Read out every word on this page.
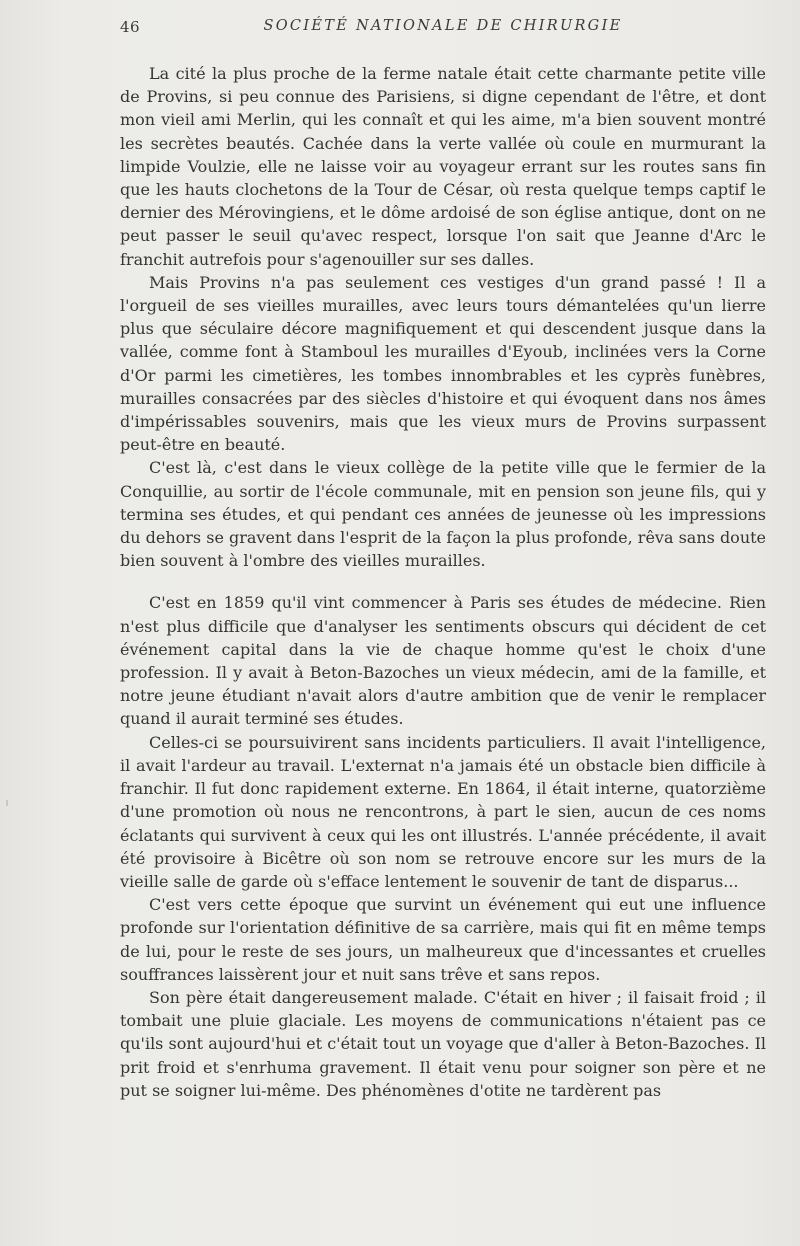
46	SOCIÉTÉ NATIONALE DE CHIRURGIE

La cité la plus proche de la ferme natale était cette charmante petite ville de Provins, si peu connue des Parisiens, si digne cependant de l'être, et dont mon vieil ami Merlin, qui les connaît et qui les aime, m'a bien souvent montré les secrètes beautés. Cachée dans la verte vallée où coule en murmurant la limpide Voulzie, elle ne laisse voir au voyageur errant sur les routes sans fin que les hauts clochetons de la Tour de César, où resta quelque temps captif le dernier des Mérovingiens, et le dôme ardoisé de son église antique, dont on ne peut passer le seuil qu'avec respect, lorsque l'on sait que Jeanne d'Arc le franchit autrefois pour s'agenouiller sur ses dalles.

Mais Provins n'a pas seulement ces vestiges d'un grand passé ! Il a l'orgueil de ses vieilles murailles, avec leurs tours démantelées qu'un lierre plus que séculaire décore magnifiquement et qui descendent jusque dans la vallée, comme font à Stamboul les murailles d'Eyoub, inclinées vers la Corne d'Or parmi les cimetières, les tombes innombrables et les cyprès funèbres, murailles consacrées par des siècles d'histoire et qui évoquent dans nos âmes d'impérissables souvenirs, mais que les vieux murs de Provins surpassent peut-être en beauté.

C'est là, c'est dans le vieux collège de la petite ville que le fermier de la Conquillie, au sortir de l'école communale, mit en pension son jeune fils, qui y termina ses études, et qui pendant ces années de jeunesse où les impressions du dehors se gravent dans l'esprit de la façon la plus profonde, rêva sans doute bien souvent à l'ombre des vieilles murailles.

C'est en 1859 qu'il vint commencer à Paris ses études de médecine. Rien n'est plus difficile que d'analyser les sentiments obscurs qui décident de cet événement capital dans la vie de chaque homme qu'est le choix d'une profession. Il y avait à Beton-Bazoches un vieux médecin, ami de la famille, et notre jeune étudiant n'avait alors d'autre ambition que de venir le remplacer quand il aurait terminé ses études.

Celles-ci se poursuivirent sans incidents particuliers. Il avait l'intelligence, il avait l'ardeur au travail. L'externat n'a jamais été un obstacle bien difficile à franchir. Il fut donc rapidement externe. En 1864, il était interne, quatorzième d'une promotion où nous ne rencontrons, à part le sien, aucun de ces noms éclatants qui survivent à ceux qui les ont illustrés. L'année précédente, il avait été provisoire à Bicêtre où son nom se retrouve encore sur les murs de la vieille salle de garde où s'efface lentement le souvenir de tant de disparus...

C'est vers cette époque que survint un événement qui eut une influence profonde sur l'orientation définitive de sa carrière, mais qui fit en même temps de lui, pour le reste de ses jours, un malheureux que d'incessantes et cruelles souffrances laissèrent jour et nuit sans trêve et sans repos.

Son père était dangereusement malade. C'était en hiver ; il faisait froid ; il tombait une pluie glaciale. Les moyens de communications n'étaient pas ce qu'ils sont aujourd'hui et c'était tout un voyage que d'aller à Beton-Bazoches. Il prit froid et s'enrhuma gravement. Il était venu pour soigner son père et ne put se soigner lui-même. Des phénomènes d'otite ne tardèrent pas
